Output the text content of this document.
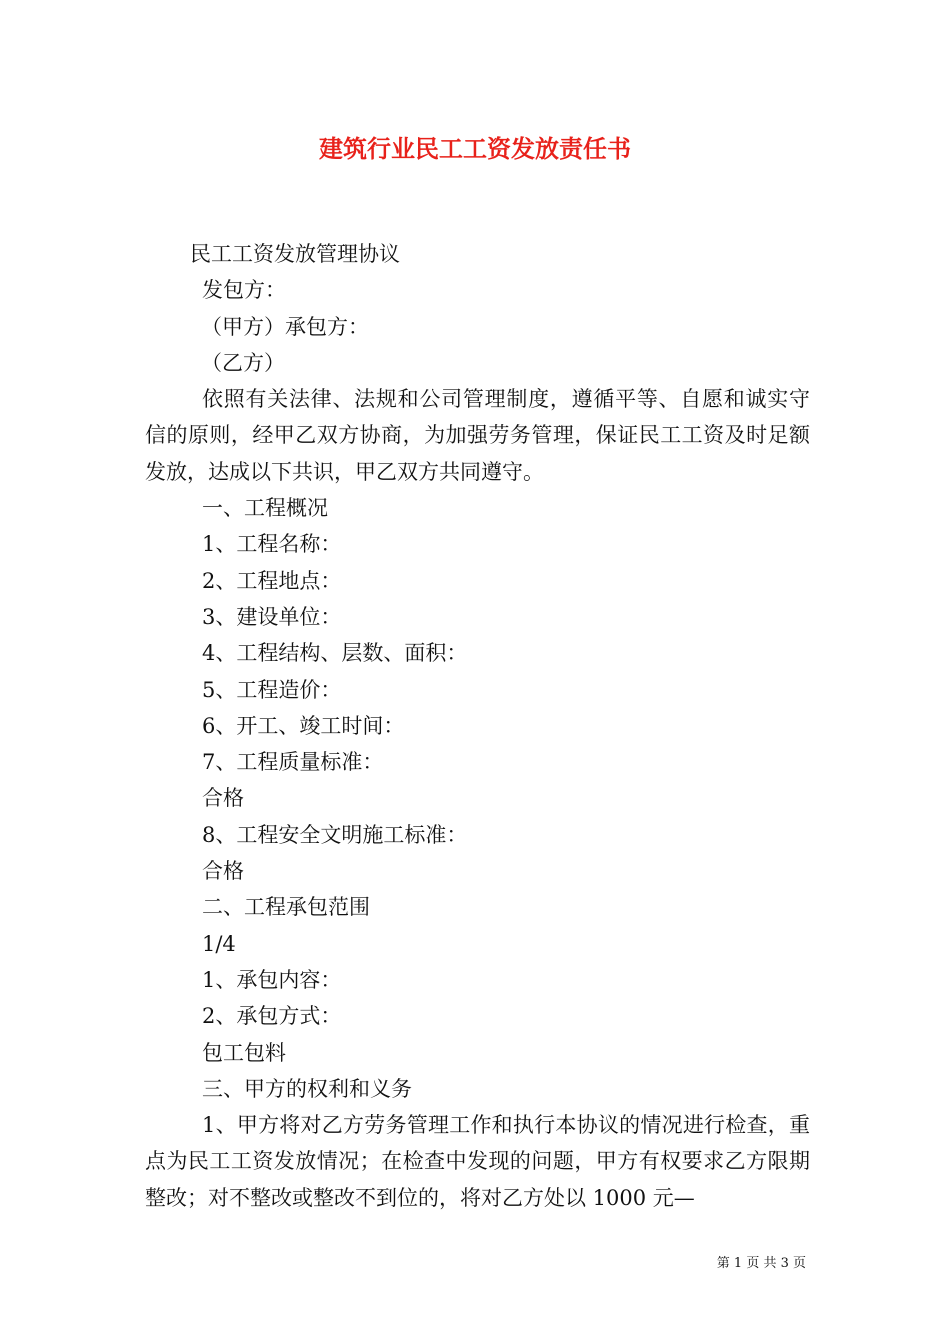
建筑行业民工工资发放责任书
民工工资发放管理协议
发包方：
（甲方）承包方：
（乙方）
依照有关法律、法规和公司管理制度，遵循平等、自愿和诚实守信的原则，经甲乙双方协商，为加强劳务管理，保证民工工资及时足额发放，达成以下共识，甲乙双方共同遵守。
一、工程概况
1、工程名称：
2、工程地点：
3、建设单位：
4、工程结构、层数、面积：
5、工程造价：
6、开工、竣工时间：
7、工程质量标准：
合格
8、工程安全文明施工标准：
合格
二、工程承包范围
1/4
1、承包内容：
2、承包方式：
包工包料
三、甲方的权利和义务
1、甲方将对乙方劳务管理工作和执行本协议的情况进行检查，重点为民工工资发放情况；在检查中发现的问题，甲方有权要求乙方限期整改；对不整改或整改不到位的，将对乙方处以 1000 元—
第 1 页 共 3 页
